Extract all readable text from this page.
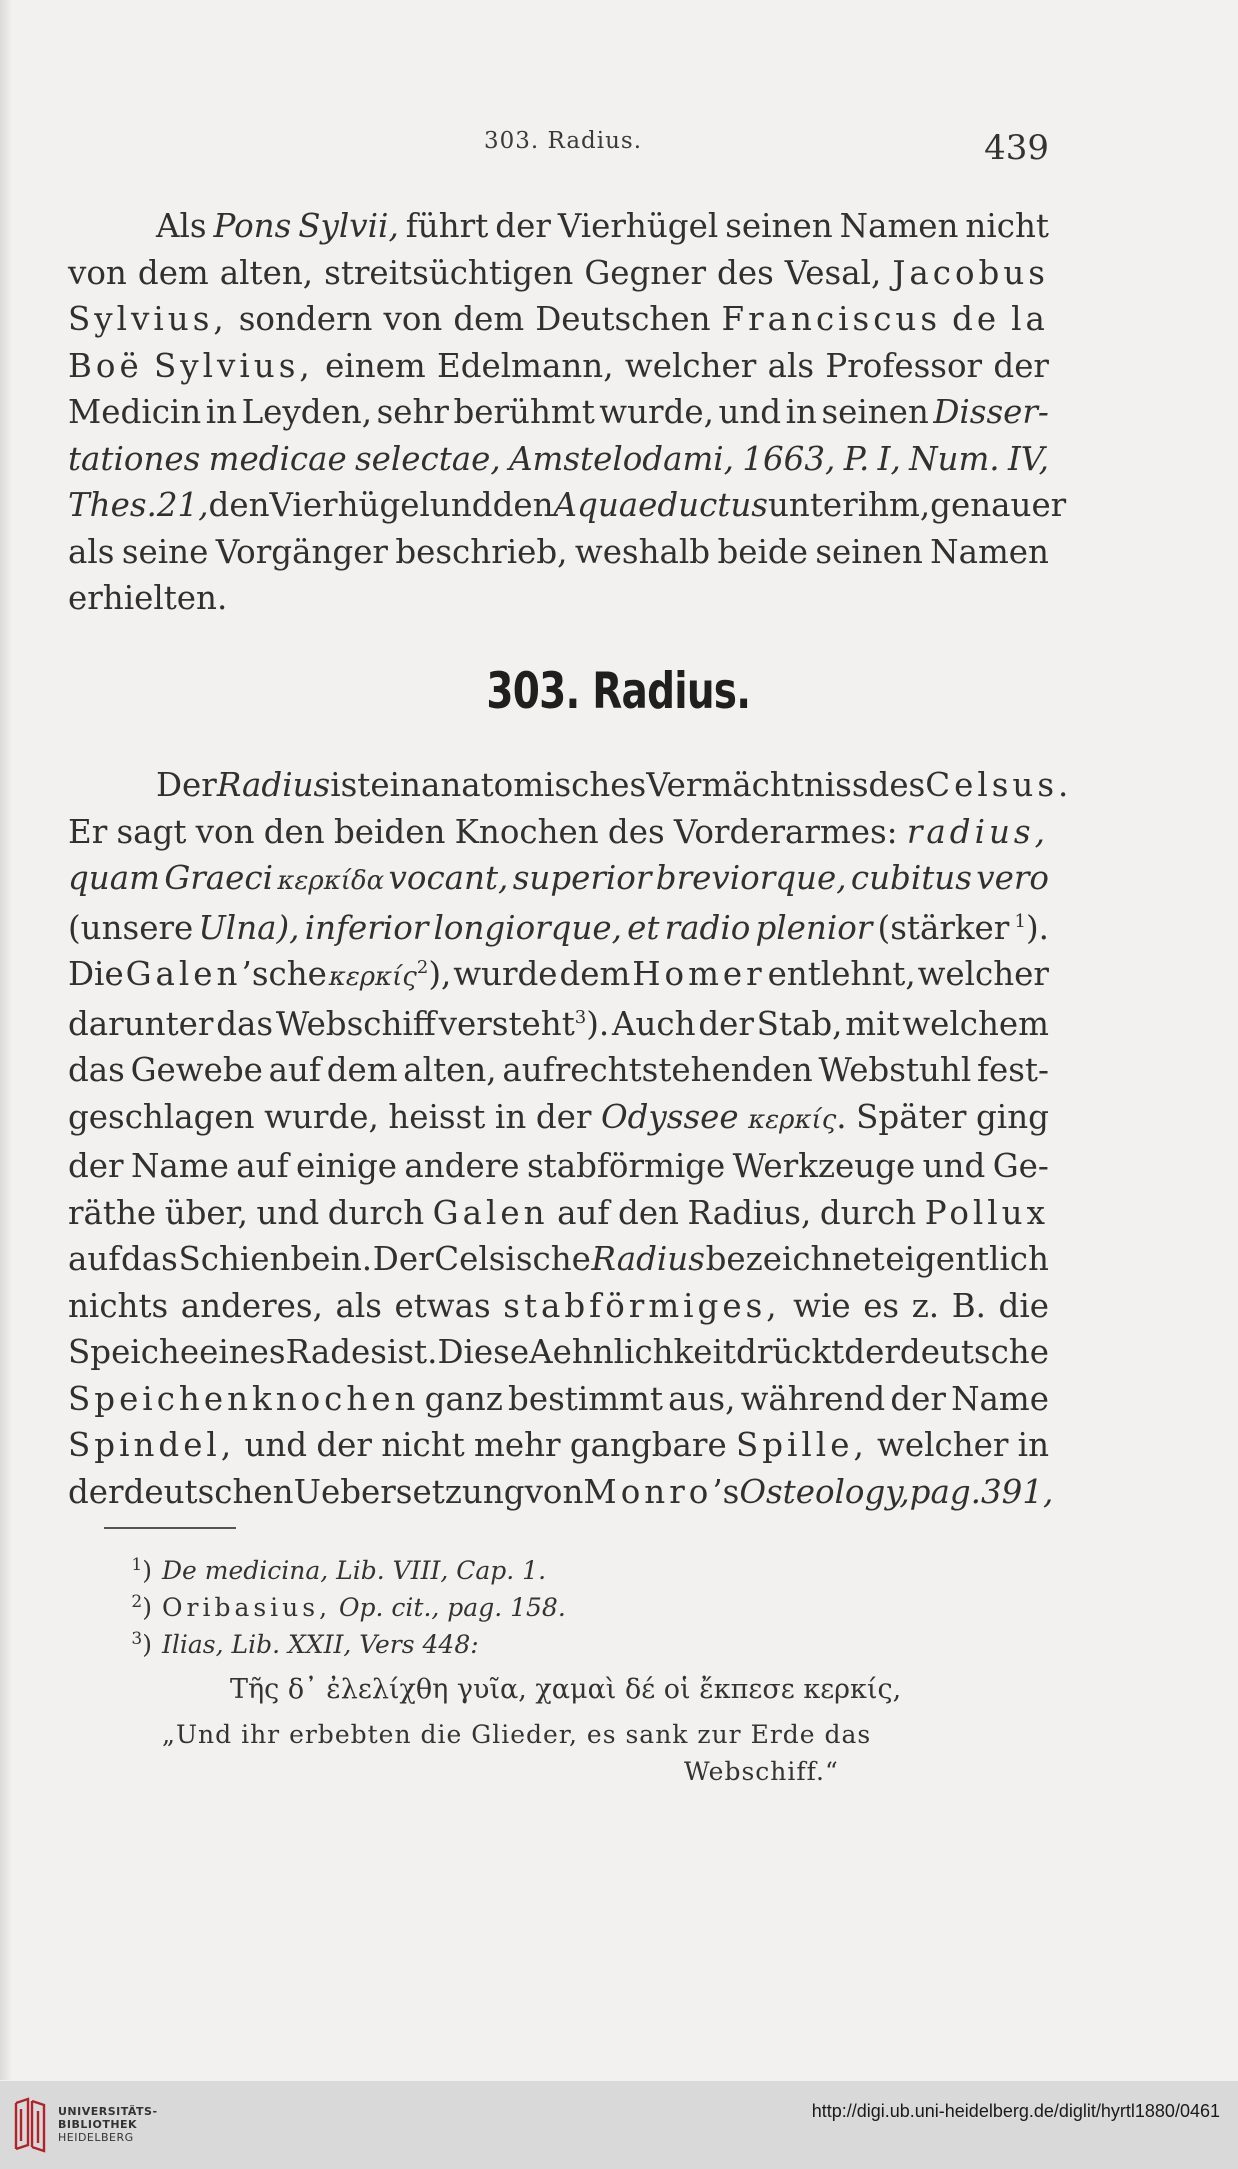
303. Radius.	439
Als Pons Sylvii, führt der Vierhügel seinen Namen nicht
von dem alten, streitsüchtigen Gegner des Vesal, Jacobus
Sylvius, sondern von dem Deutschen Franciscus de la
Boë Sylvius, einem Edelmann, welcher als Professor der
Medicin in Leyden, sehr berühmt wurde, und in seinen Disser-
tationes medicae selectae, Amstelodami, 1663, P. I, Num. IV,
Thes. 21, den Vierhügel und den Aquaeductus unter ihm, genauer
als seine Vorgänger beschrieb, weshalb beide seinen Namen
erhielten.

303. Radius.
Der Radius ist ein anatomisches Vermächtniss des Celsus.
Er sagt von den beiden Knochen des Vorderarmes: radius,
quam Graeci κερκίδα vocant, superior breviorque, cubitus vero
(unsere Ulna), inferior longiorque, et radio plenior (stärker $^1$).
Die Galen’sche κερκίς$^2$), wurde dem Homer entlehnt, welcher
darunter das Webschiff versteht$^3$). Auch der Stab, mit welchem
das Gewebe auf dem alten, aufrechtstehenden Webstuhl fest-
geschlagen wurde, heisst in der Odyssee κερκίς. Später ging
der Name auf einige andere stabförmige Werkzeuge und Ge-
räthe über, und durch Galen auf den Radius, durch Pollux
auf das Schienbein. Der Celsische Radius bezeichnet eigentlich
nichts anderes, als etwas stabförmiges, wie es z. B. die
Speiche eines Rades ist. Diese Aehnlichkeit drückt der deutsche
Speichenknochen ganz bestimmt aus, während der Name
Spindel, und der nicht mehr gangbare Spille, welcher in
der deutschen Uebersetzung von Monro’s Osteology, pag. 391,
$^1$) De medicina, Lib. VIII, Cap. 1.
$^2$) Oribasius, Op. cit., pag. 158.
$^3$) Ilias, Lib. XXII, Vers 448:
Τῆς δ᾽ ἐλελίχθη γυῖα, χαμαὶ δέ οἱ ἔκπεσε κερκίς,
„Und ihr erbebten die Glieder, es sank zur Erde das
Webschiff.“
UNIVERSITÄTS-
BIBLIOTHEK
HEIDELBERG
http://digi.ub.uni-heidelberg.de/diglit/hyrtl1880/0461
